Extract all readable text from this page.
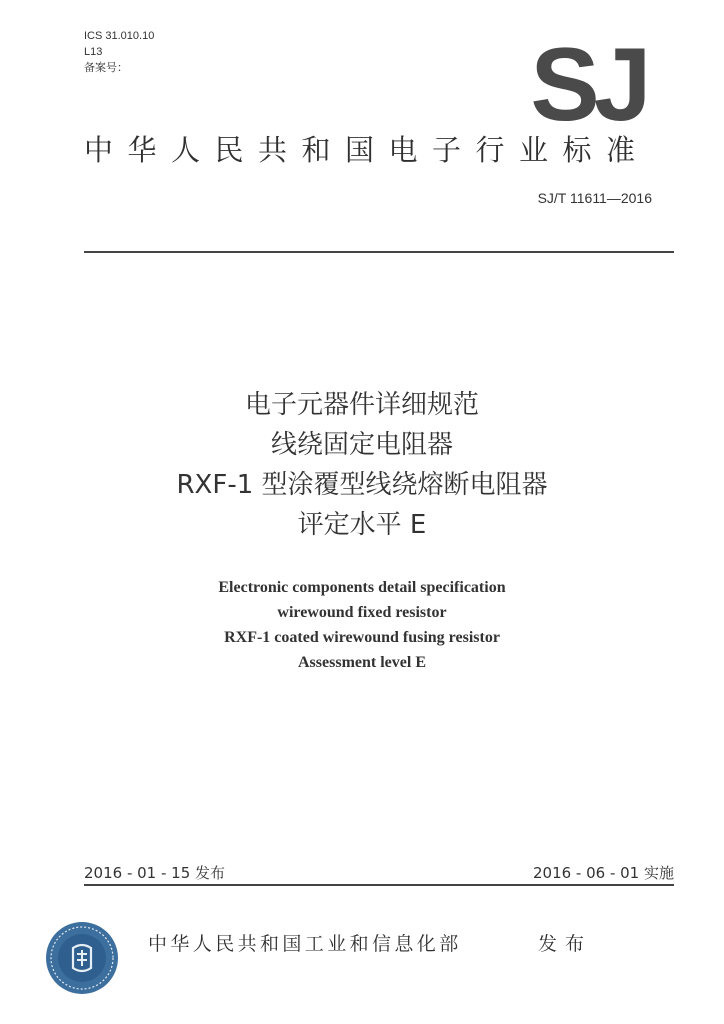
ICS 31.010.10
L13
备案号：	SJ
中华人民共和国电子行业标准
SJ/T 11611—2016
电子元器件详细规范
线绕固定电阻器
RXF-1 型涂覆型线绕熔断电阻器
评定水平 E
Electronic components detail specification
wirewound fixed resistor
RXF-1 coated wirewound fusing resistor
Assessment level E
2016 - 01 - 15 发布	2016 - 06 - 01 实施
中华人民共和国工业和信息化部	发布
